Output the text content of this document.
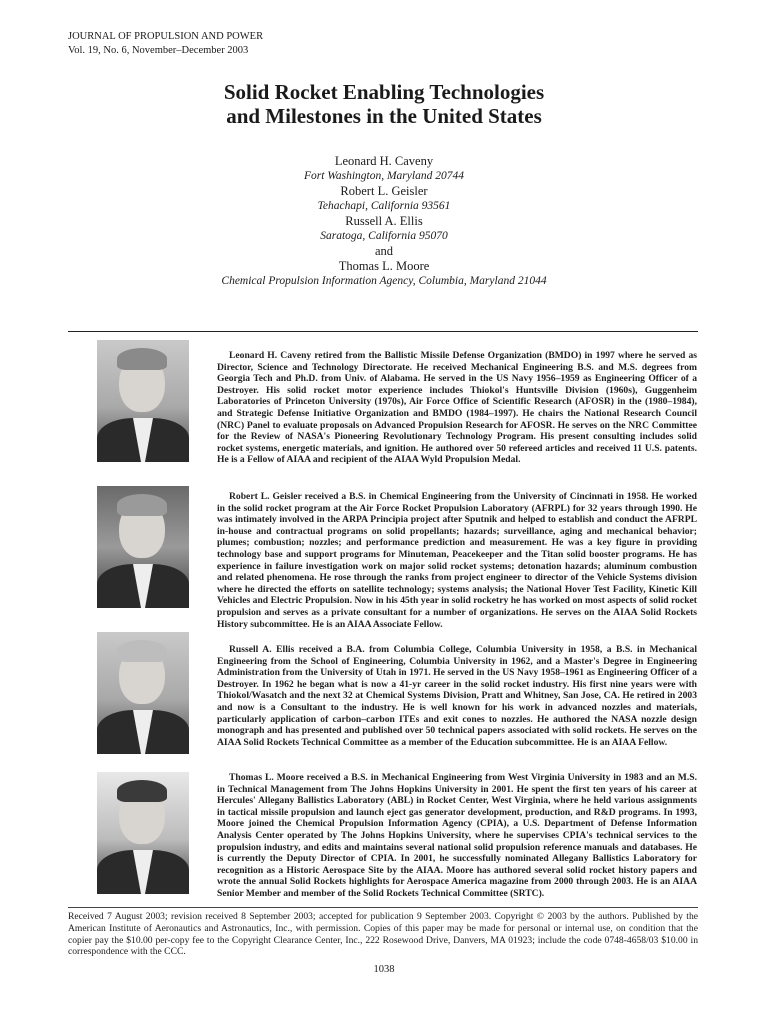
JOURNAL OF PROPULSION AND POWER
Vol. 19, No. 6, November–December 2003
Solid Rocket Enabling Technologies
and Milestones in the United States
Leonard H. Caveny
Fort Washington, Maryland 20744
Robert L. Geisler
Tehachapi, California 93561
Russell A. Ellis
Saratoga, California 95070
and
Thomas L. Moore
Chemical Propulsion Information Agency, Columbia, Maryland 21044
Leonard H. Caveny retired from the Ballistic Missile Defense Organization (BMDO) in 1997 where he served as Director, Science and Technology Directorate. He received Mechanical Engineering B.S. and M.S. degrees from Georgia Tech and Ph.D. from Univ. of Alabama. He served in the US Navy 1956–1959 as Engineering Officer of a Destroyer. His solid rocket motor experience includes Thiokol's Huntsville Division (1960s), Guggenheim Laboratories of Princeton University (1970s), Air Force Office of Scientific Research (AFOSR) in the (1980–1984), and Strategic Defense Initiative Organization and BMDO (1984–1997). He chairs the National Research Council (NRC) Panel to evaluate proposals on Advanced Propulsion Research for AFOSR. He serves on the NRC Committee for the Review of NASA's Pioneering Revolutionary Technology Program. His present consulting includes solid rocket systems, energetic materials, and ignition. He authored over 50 refereed articles and received 11 U.S. patents. He is a Fellow of AIAA and recipient of the AIAA Wyld Propulsion Medal.
Robert L. Geisler received a B.S. in Chemical Engineering from the University of Cincinnati in 1958. He worked in the solid rocket program at the Air Force Rocket Propulsion Laboratory (AFRPL) for 32 years through 1990. He was intimately involved in the ARPA Principia project after Sputnik and helped to establish and conduct the AFRPL in-house and contractual programs on solid propellants; hazards; surveillance, aging and mechanical behavior; plumes; combustion; nozzles; and performance prediction and measurement. He was a key figure in providing technology base and support programs for Minuteman, Peacekeeper and the Titan solid booster programs. He has experience in failure investigation work on major solid rocket systems; detonation hazards; aluminum combustion and related phenomena. He rose through the ranks from project engineer to director of the Vehicle Systems division where he directed the efforts on satellite technology; systems analysis; the National Hover Test Facility, Kinetic Kill Vehicles and Electric Propulsion. Now in his 45th year in solid rocketry he has worked on most aspects of solid rocket propulsion and serves as a private consultant for a number of organizations. He serves on the AIAA Solid Rockets History subcommittee. He is an AIAA Associate Fellow.
Russell A. Ellis received a B.A. from Columbia College, Columbia University in 1958, a B.S. in Mechanical Engineering from the School of Engineering, Columbia University in 1962, and a Master's Degree in Engineering Administration from the University of Utah in 1971. He served in the US Navy 1958–1961 as Engineering Officer of a Destroyer. In 1962 he began what is now a 41-yr career in the solid rocket industry. His first nine years were with Thiokol/Wasatch and the next 32 at Chemical Systems Division, Pratt and Whitney, San Jose, CA. He retired in 2003 and now is a Consultant to the industry. He is well known for his work in advanced nozzles and materials, particularly application of carbon–carbon ITEs and exit cones to nozzles. He authored the NASA nozzle design monograph and has presented and published over 50 technical papers associated with solid rockets. He serves on the AIAA Solid Rockets Technical Committee as a member of the Education subcommittee. He is an AIAA Fellow.
Thomas L. Moore received a B.S. in Mechanical Engineering from West Virginia University in 1983 and an M.S. in Technical Management from The Johns Hopkins University in 2001. He spent the first ten years of his career at Hercules' Allegany Ballistics Laboratory (ABL) in Rocket Center, West Virginia, where he held various assignments in tactical missile propulsion and launch eject gas generator development, production, and R&D programs. In 1993, Moore joined the Chemical Propulsion Information Agency (CPIA), a U.S. Department of Defense Information Analysis Center operated by The Johns Hopkins University, where he supervises CPIA's technical services to the propulsion industry, and edits and maintains several national solid propulsion reference manuals and databases. He is currently the Deputy Director of CPIA. In 2001, he successfully nominated Allegany Ballistics Laboratory for recognition as a Historic Aerospace Site by the AIAA. Moore has authored several solid rocket history papers and wrote the annual Solid Rockets highlights for Aerospace America magazine from 2000 through 2003. He is an AIAA Senior Member and member of the Solid Rockets Technical Committee (SRTC).
Received 7 August 2003; revision received 8 September 2003; accepted for publication 9 September 2003. Copyright © 2003 by the authors. Published by the American Institute of Aeronautics and Astronautics, Inc., with permission. Copies of this paper may be made for personal or internal use, on condition that the copier pay the $10.00 per-copy fee to the Copyright Clearance Center, Inc., 222 Rosewood Drive, Danvers, MA 01923; include the code 0748-4658/03 $10.00 in correspondence with the CCC.
1038
